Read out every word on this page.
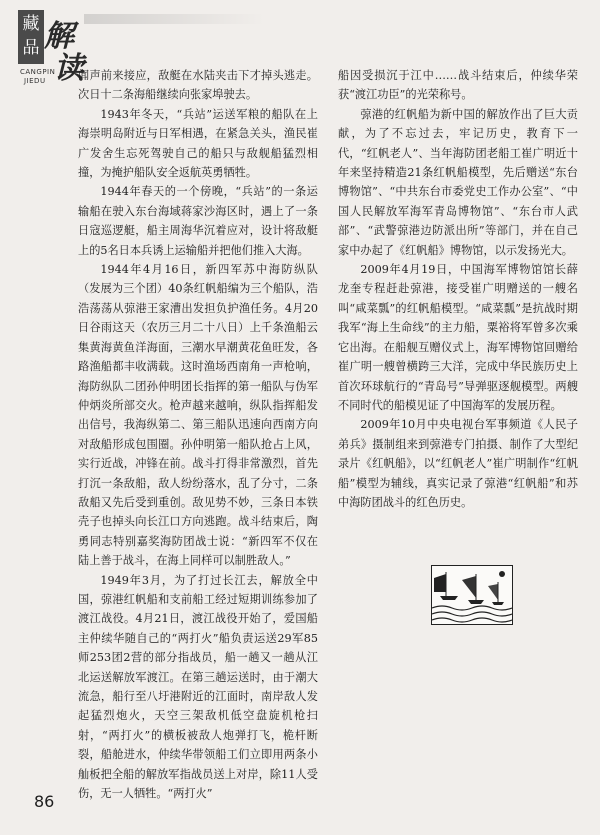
藏
品 解
读
CANGPIN
JIEDU	闻声前来接应，敌艇在水陆夹击下才掉头逃走。次日十二条海船继续向张家埠驶去。

1943年冬天，“兵站”运送军粮的船队在上海崇明岛附近与日军相遇，在紧急关头，渔民崔广发舍生忘死驾驶自己的船只与敌舰船猛烈相撞，为掩护船队安全返航英勇牺牲。

1944年春天的一个傍晚，“兵站”的一条运输船在驶入东台海域蒋家沙海区时，遇上了一条日寇巡逻艇，船主周海华沉着应对，设计将敌艇上的5名日本兵诱上运输船并把他们推入大海。

1944年4月16日，新四军苏中海防纵队（发展为三个团）40条红帆船编为三个船队，浩浩荡荡从弶港王家漕出发担负护渔任务。4月20日谷雨这天（农历三月二十八日）上千条渔船云集黄海黄鱼洋海面，三潮水早潮黄花鱼旺发，各路渔船都丰收满载。这时渔场西南角一声枪响，海防纵队二团孙仲明团长指挥的第一船队与伪军仲炳炎所部交火。枪声越来越响，纵队指挥船发出信号，我海纵第二、第三船队迅速向西南方向对敌船形成包围圈。孙仲明第一船队抢占上风，实行近战，冲锋在前。战斗打得非常激烈，首先打沉一条敌船，敌人纷纷落水，乱了分寸，二条敌船又先后受到重创。敌见势不妙，三条日本铁壳子也掉头向长江口方向逃跑。战斗结束后，陶勇同志特别嘉奖海防团战士说：“新四军不仅在陆上善于战斗，在海上同样可以制胜敌人。”

1949年3月，为了打过长江去，解放全中国，弶港红帆船和支前船工经过短期训练参加了渡江战役。4月21日，渡江战役开始了，爱国船主仲续华随自己的“两打火”船负责运送29军85师253团2营的部分指战员，船一趟又一趟从江北运送解放军渡江。在第三趟运送时，由于潮大流急，船行至八圩港附近的江面时，南岸敌人发起猛烈炮火，天空三架敌机低空盘旋机枪扫射，“两打火”的横板被敌人炮弹打飞，桅杆断裂，船舱进水，仲续华带领船工们立即用两条小舢板把全船的解放军指战员送上对岸，除11人受伤，无一人牺牲。“两打火”

船因受损沉于江中……战斗结束后，仲续华荣获“渡江功臣”的光荣称号。

弶港的红帆船为新中国的解放作出了巨大贡献，为了不忘过去，牢记历史，教育下一代，“红帆老人”、当年海防团老船工崔广明近十年来坚持精造21条红帆船模型，先后赠送“东台博物馆”、“中共东台市委党史工作办公室”、“中国人民解放军海军青岛博物馆”、“东台市人武部”、“武警弶港边防派出所”等部门，并在自己家中办起了《红帆船》博物馆，以示发扬光大。

2009年4月19日，中国海军博物馆馆长薛龙奎专程赶赴弶港，接受崔广明赠送的一艘名叫“咸菜瓢”的红帆船模型。“咸菜瓢”是抗战时期我军“海上生命线”的主力船，粟裕将军曾多次乘它出海。在船舰互赠仪式上，海军博物馆回赠给崔广明一艘曾横跨三大洋，完成中华民族历史上首次环球航行的“青岛号”导弹驱逐舰模型。两艘不同时代的船模见证了中国海军的发展历程。

2009年10月中央电视台军事频道《人民子弟兵》摄制组来到弶港专门拍摄、制作了大型纪录片《红帆船》，以“红帆老人”崔广明制作“红帆船”模型为辅线，真实记录了弶港“红帆船”和苏中海防团战斗的红色历史。

86
